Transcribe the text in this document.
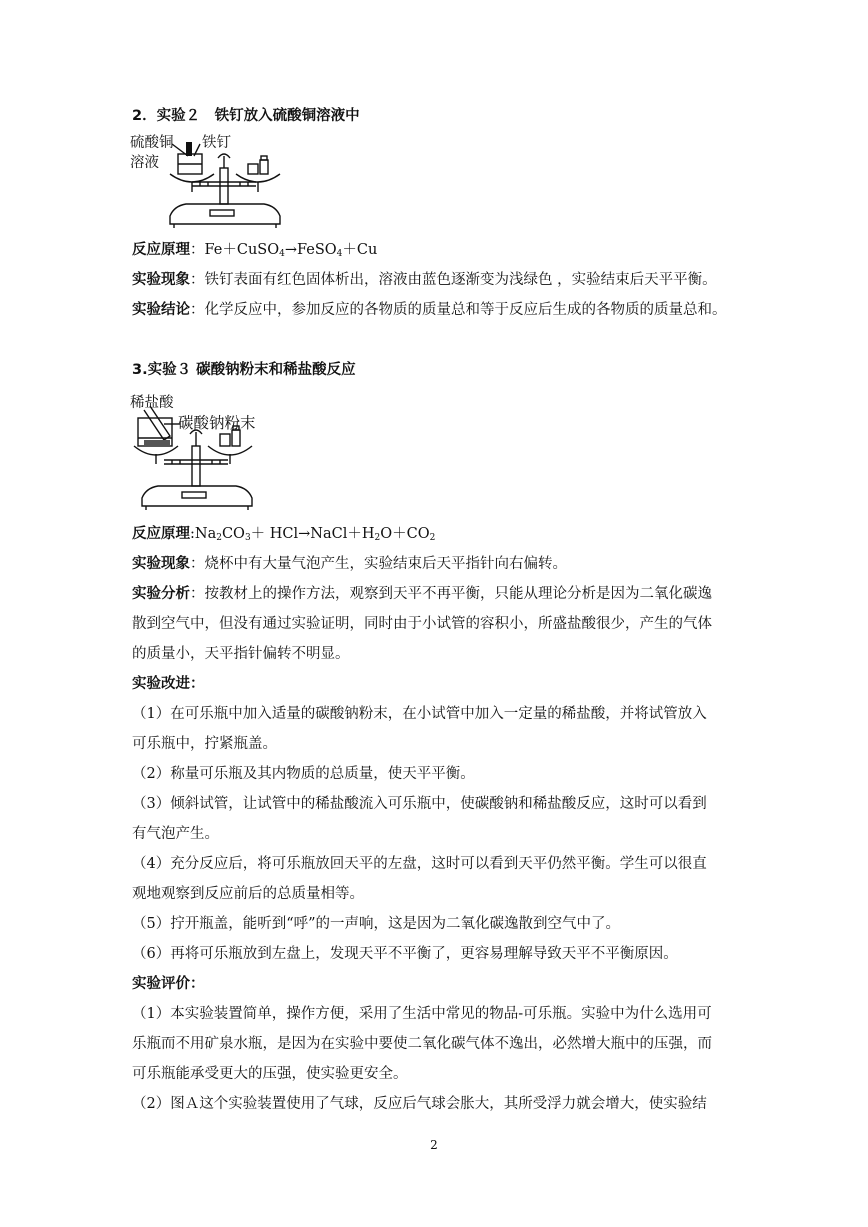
2．实验２　铁钉放入硫酸铜溶液中
硫酸铜 铁钉
溶液
反应原理：Fe＋CuSO$_4$→FeSO$_4$＋Cu
实验现象：铁钉表面有红色固体析出，溶液由蓝色逐渐变为浅绿色 ，实验结束后天平平衡。
实验结论：化学反应中，参加反应的各物质的质量总和等于反应后生成的各物质的质量总和。
3.实验３ 碳酸钠粉末和稀盐酸反应
稀盐酸
碳酸钠粉末
反应原理$:Na_2CO_3+$ $HCl\to NaCl+H_2O+CO_2$
实验现象：烧杯中有大量气泡产生，实验结束后天平指针向右偏转。
实验分析：按教材上的操作方法，观察到天平不再平衡，只能从理论分析是因为二氧化碳逸
散到空气中，但没有通过实验证明，同时由于小试管的容积小，所盛盐酸很少，产生的气体
的质量小，天平指针偏转不明显。
实验改进：
（1）在可乐瓶中加入适量的碳酸钠粉末，在小试管中加入一定量的稀盐酸，并将试管放入
可乐瓶中，拧紧瓶盖。
（2）称量可乐瓶及其内物质的总质量，使天平平衡。
（3）倾斜试管，让试管中的稀盐酸流入可乐瓶中，使碳酸钠和稀盐酸反应，这时可以看到
有气泡产生。
（4）充分反应后，将可乐瓶放回天平的左盘，这时可以看到天平仍然平衡。学生可以很直
观地观察到反应前后的总质量相等。
（5）拧开瓶盖，能听到“呼”的一声响，这是因为二氧化碳逸散到空气中了。
（6）再将可乐瓶放到左盘上，发现天平不平衡了，更容易理解导致天平不平衡原因。
实验评价：
（1）本实验装置简单，操作方便，采用了生活中常见的物品-可乐瓶。实验中为什么选用可
乐瓶而不用矿泉水瓶，是因为在实验中要使二氧化碳气体不逸出，必然增大瓶中的压强，而
可乐瓶能承受更大的压强，使实验更安全。
（2）图Ａ这个实验装置使用了气球，反应后气球会胀大，其所受浮力就会增大，使实验结
2
